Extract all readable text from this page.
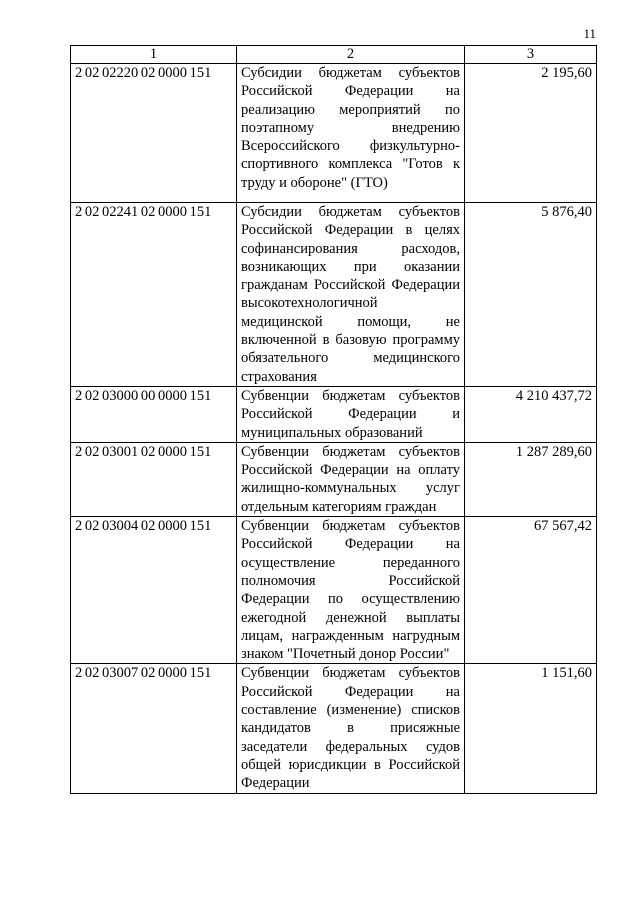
11
1	2	3
2 02 02220 02 0000 151	Субсидии бюджетам субъектов Российской Федерации на реализацию мероприятий по поэтапному внедрению Всероссийского физкультурно-спортивного комплекса "Готов к труду и обороне" (ГТО)	2 195,60
2 02 02241 02 0000 151	Субсидии бюджетам субъектов Российской Федерации в целях софинансирования расходов, возникающих при оказании гражданам Российской Федерации высокотехнологичной медицинской помощи, не включенной в базовую программу обязательного медицинского страхования	5 876,40
2 02 03000 00 0000 151	Субвенции бюджетам субъектов Российской Федерации и муниципальных образований	4 210 437,72
2 02 03001 02 0000 151	Субвенции бюджетам субъектов Российской Федерации на оплату жилищно-коммунальных услуг отдельным категориям граждан	1 287 289,60
2 02 03004 02 0000 151	Субвенции бюджетам субъектов Российской Федерации на осуществление переданного полномочия Российской Федерации по осуществлению ежегодной денежной выплаты лицам, награжденным нагрудным знаком "Почетный донор России"	67 567,42
2 02 03007 02 0000 151	Субвенции бюджетам субъектов Российской Федерации на составление (изменение) списков кандидатов в присяжные заседатели федеральных судов общей юрисдикции в Российской Федерации	1 151,60
